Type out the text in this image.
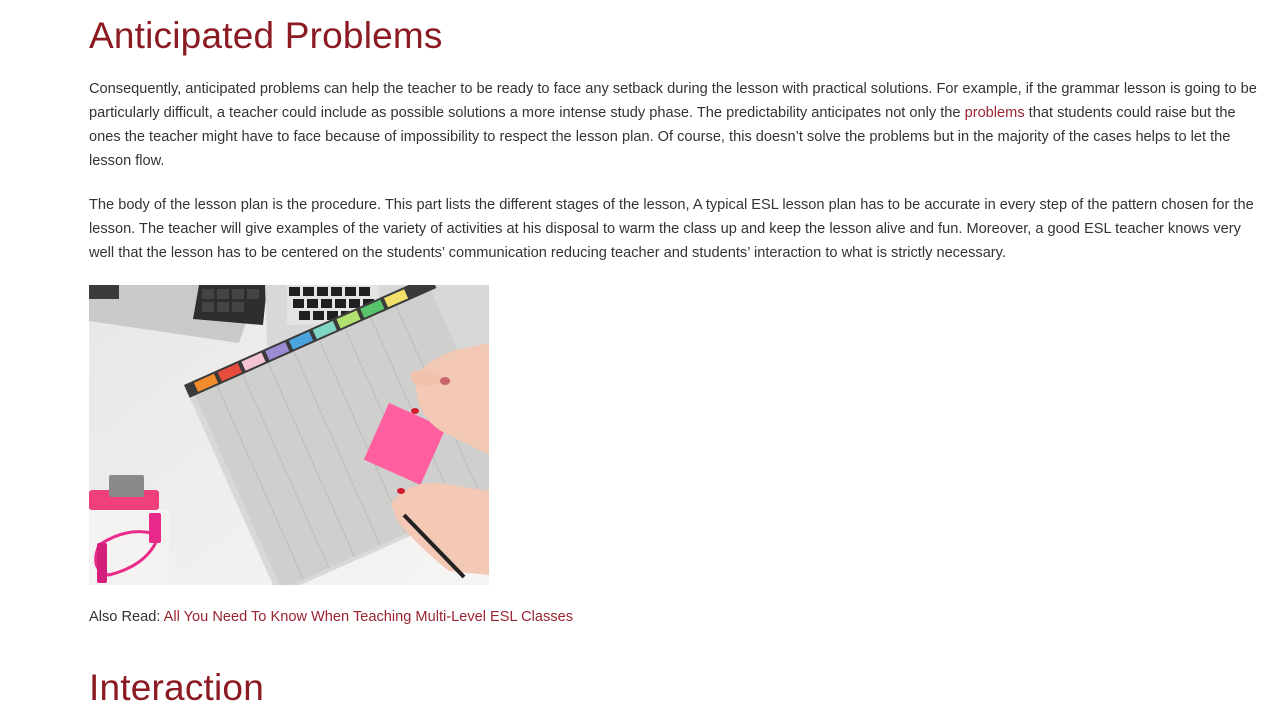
Anticipated Problems

Consequently, anticipated problems can help the teacher to be ready to face any setback during the lesson with practical solutions. For example, if the grammar lesson is going to be particularly difficult, a teacher could include as possible solutions a more intense study phase. The predictability anticipates not only the problems that students could raise but the ones the teacher might have to face because of impossibility to respect the lesson plan. Of course, this doesn’t solve the problems but in the majority of the cases helps to let the lesson flow.

The body of the lesson plan is the procedure. This part lists the different stages of the lesson, A typical ESL lesson plan has to be accurate in every step of the pattern chosen for the lesson. The teacher will give examples of the variety of activities at his disposal to warm the class up and keep the lesson alive and fun. Moreover, a good ESL teacher knows very well that the lesson has to be centered on the students’ communication reducing teacher and students’ interaction to what is strictly necessary.

Also Read: All You Need To Know When Teaching Multi-Level ESL Classes

Interaction
